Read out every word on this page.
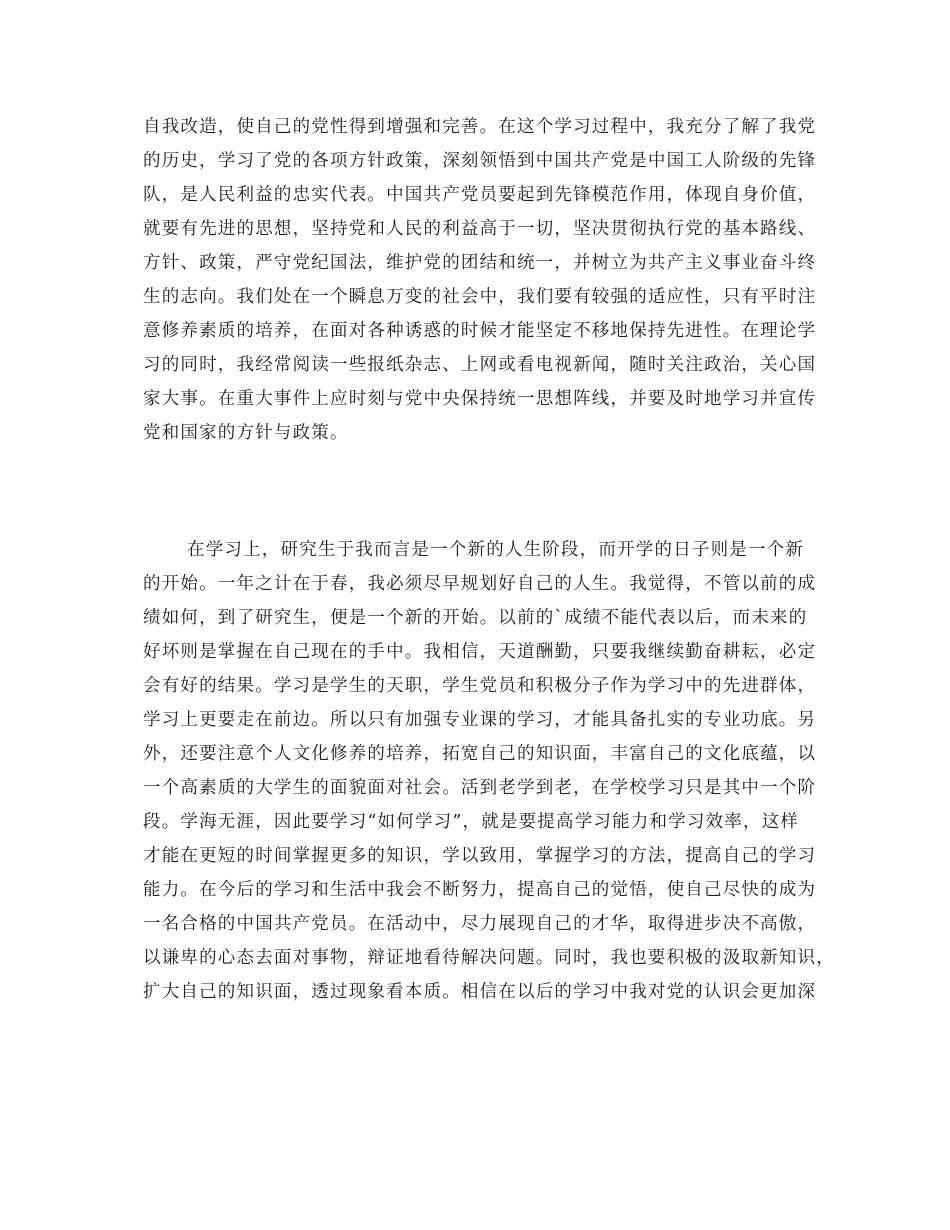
自我改造，使自己的党性得到增强和完善。在这个学习过程中，我充分了解了我党
的历史，学习了党的各项方针政策，深刻领悟到中国共产党是中国工人阶级的先锋
队，是人民利益的忠实代表。中国共产党员要起到先锋模范作用，体现自身价值，
就要有先进的思想，坚持党和人民的利益高于一切，坚决贯彻执行党的基本路线、
方针、政策，严守党纪国法，维护党的团结和统一，并树立为共产主义事业奋斗终
生的志向。我们处在一个瞬息万变的社会中，我们要有较强的适应性，只有平时注
意修养素质的培养，在面对各种诱惑的时候才能坚定不移地保持先进性。在理论学
习的同时，我经常阅读一些报纸杂志、上网或看电视新闻，随时关注政治，关心国
家大事。在重大事件上应时刻与党中央保持统一思想阵线，并要及时地学习并宣传
党和国家的方针与政策。
在学习上，研究生于我而言是一个新的人生阶段，而开学的日子则是一个新
的开始。一年之计在于春，我必须尽早规划好自己的人生。我觉得，不管以前的成
绩如何，到了研究生，便是一个新的开始。以前的`成绩不能代表以后，而未来的
好坏则是掌握在自己现在的手中。我相信，天道酬勤，只要我继续勤奋耕耘，必定
会有好的结果。学习是学生的天职，学生党员和积极分子作为学习中的先进群体，
学习上更要走在前边。所以只有加强专业课的学习，才能具备扎实的专业功底。另
外，还要注意个人文化修养的培养，拓宽自己的知识面，丰富自己的文化底蕴，以
一个高素质的大学生的面貌面对社会。活到老学到老，在学校学习只是其中一个阶
段。学海无涯，因此要学习“如何学习”，就是要提高学习能力和学习效率，这样
才能在更短的时间掌握更多的知识，学以致用，掌握学习的方法，提高自己的学习
能力。在今后的学习和生活中我会不断努力，提高自己的觉悟，使自己尽快的成为
一名合格的中国共产党员。在活动中，尽力展现自己的才华，取得进步决不高傲，
以谦卑的心态去面对事物，辩证地看待解决问题。同时，我也要积极的汲取新知识，
扩大自己的知识面，透过现象看本质。相信在以后的学习中我对党的认识会更加深
